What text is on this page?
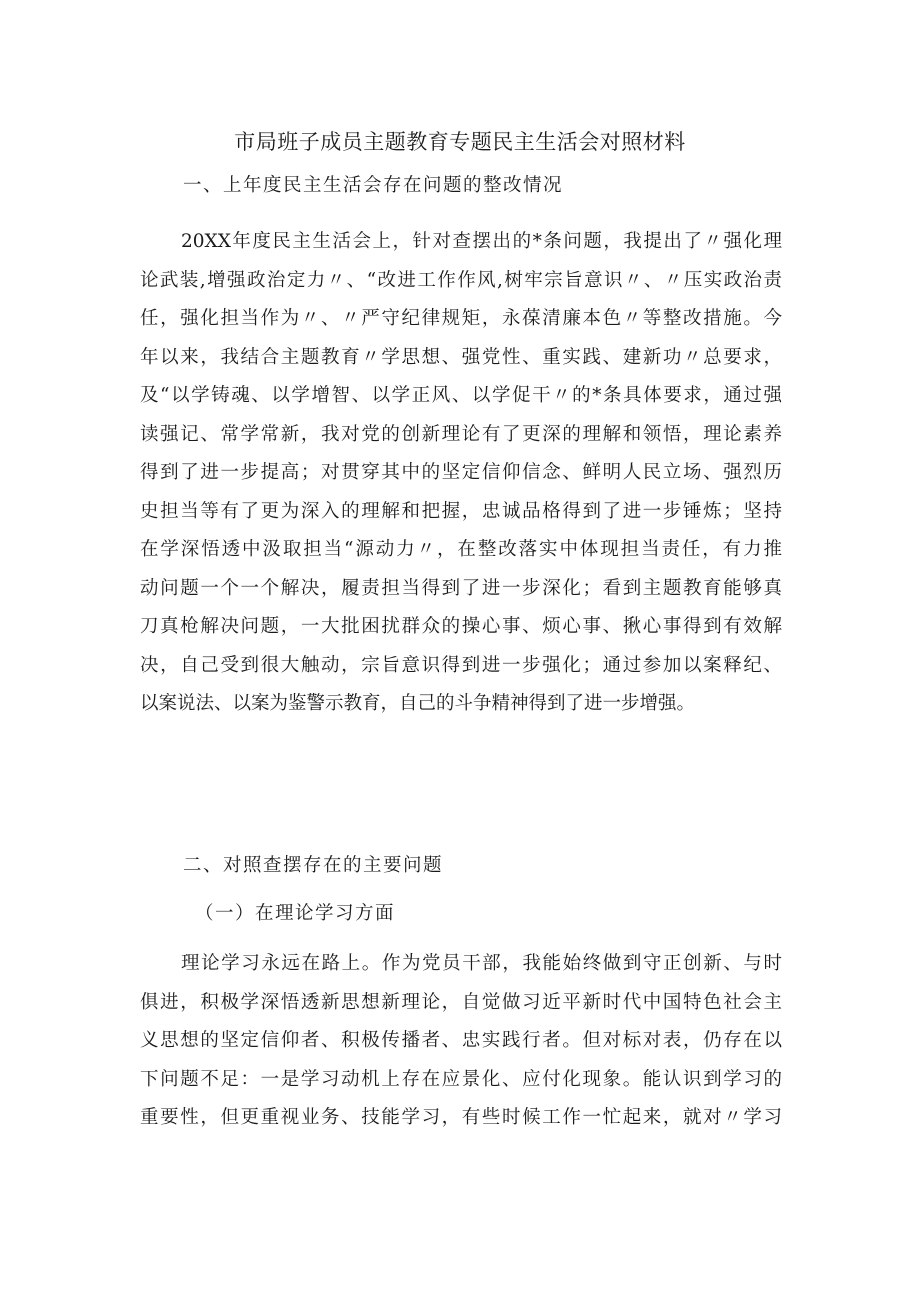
市局班子成员主题教育专题民主生活会对照材料
一、上年度民主生活会存在问题的整改情况
20XX年度民主生活会上，针对查摆出的*条问题，我提出了〃强化理
论武装,增强政治定力〃、“改进工作作风,树牢宗旨意识〃、〃压实政治责
任，强化担当作为〃、〃严守纪律规矩，永葆清廉本色〃等整改措施。今
年以来，我结合主题教育〃学思想、强党性、重实践、建新功〃总要求，
及“以学铸魂、以学增智、以学正风、以学促干〃的*条具体要求，通过强
读强记、常学常新，我对党的创新理论有了更深的理解和领悟，理论素养
得到了进一步提高；对贯穿其中的坚定信仰信念、鲜明人民立场、强烈历
史担当等有了更为深入的理解和把握，忠诚品格得到了进一步锤炼；坚持
在学深悟透中汲取担当“源动力〃，在整改落实中体现担当责任，有力推
动问题一个一个解决，履责担当得到了进一步深化；看到主题教育能够真
刀真枪解决问题，一大批困扰群众的操心事、烦心事、揪心事得到有效解
决，自己受到很大触动，宗旨意识得到进一步强化；通过参加以案释纪、
以案说法、以案为鉴警示教育，自己的斗争精神得到了进一步增强。
二、对照查摆存在的主要问题
（一）在理论学习方面
理论学习永远在路上。作为党员干部，我能始终做到守正创新、与时
俱进，积极学深悟透新思想新理论，自觉做习近平新时代中国特色社会主
义思想的坚定信仰者、积极传播者、忠实践行者。但对标对表，仍存在以
下问题不足：一是学习动机上存在应景化、应付化现象。能认识到学习的
重要性，但更重视业务、技能学习，有些时候工作一忙起来，就对〃学习
